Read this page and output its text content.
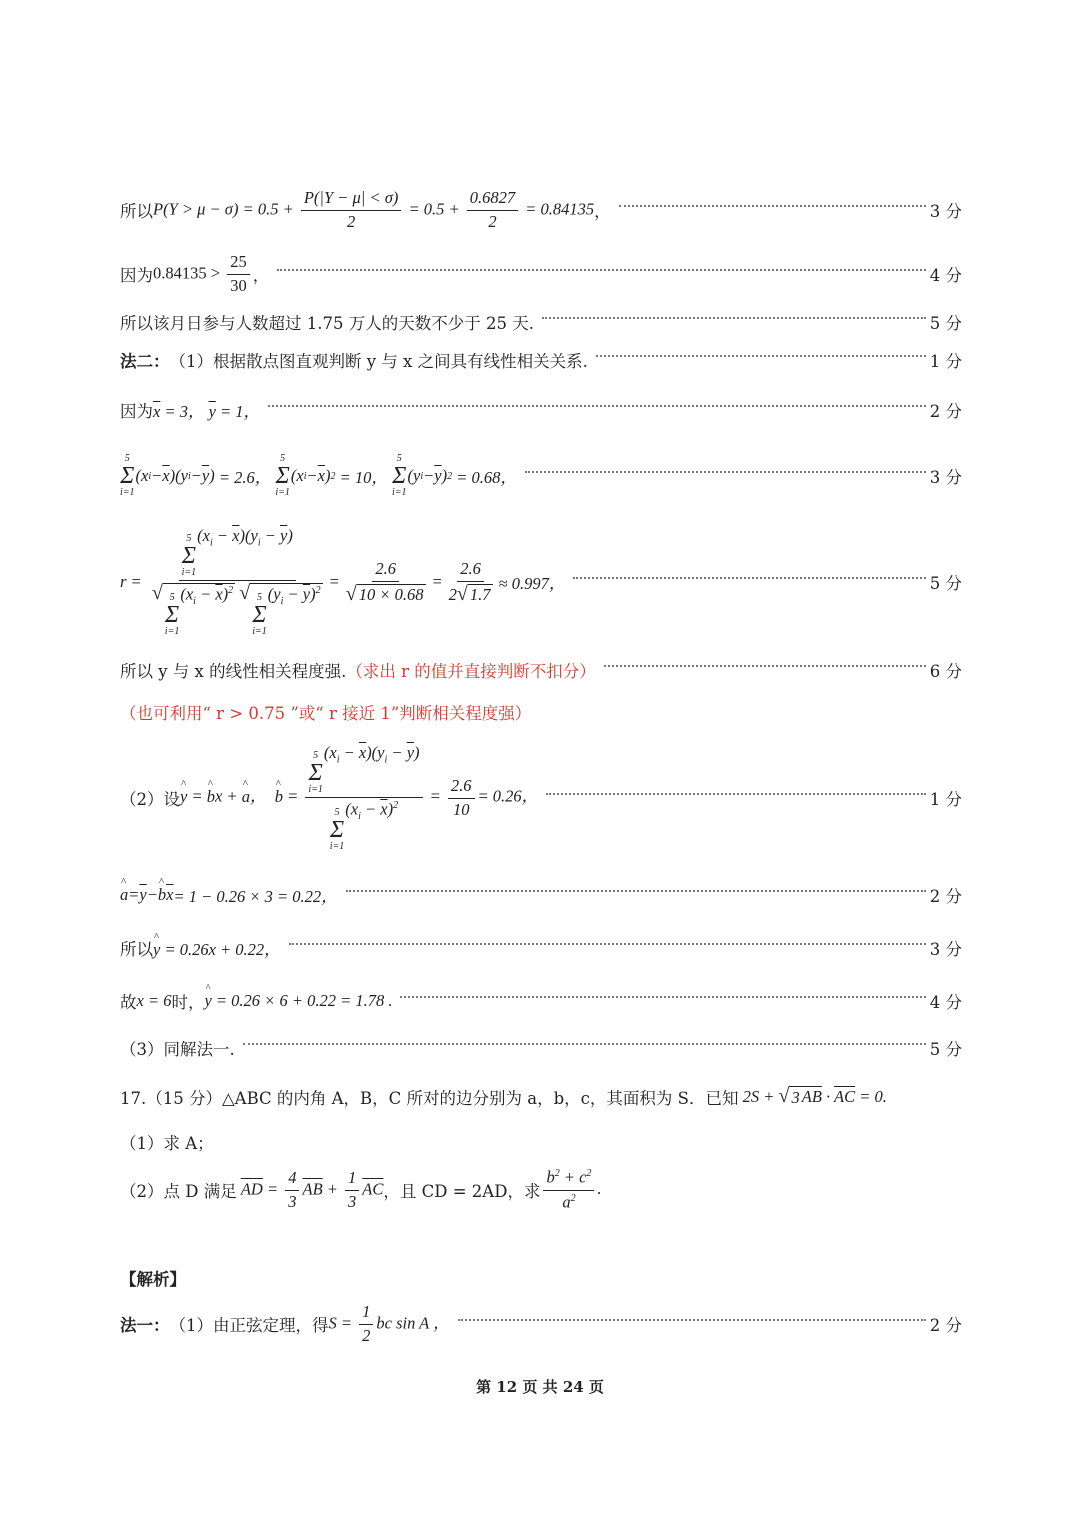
所以 $P(Y > \mu - \sigma) = 0.5 + \frac{P(|Y - \mu| < \sigma)}{2} = 0.5 + \frac{0.6827}{2} = 0.84135$ ，	3 分
因为 $0.84135 > \frac{25}{30}$ ，	4 分
所以该月日参与人数超过 1.75 万人的天数不少于 25 天.	5 分
法二： （1）根据散点图直观判断 y 与 x 之间具有线性相关关系.	1 分
因为 $\overline{x} = 3$， $\overline{y} = 1$，	2 分
5
Σ
i=1
(x $i - \overline{x}$ )(y $i - \overline{y}$ ) = 2.6，
5
Σ
i=1
(x $i - \overline{x}$ ) 2 = 10，
5
Σ
i=1
(y $i - \overline{y}$ ) 2 = 0.68，	3 分
r = 5
Σ
i=1
$(x_i - \overline{x})(y_i - \overline{y})$
√ 5
Σ
i=1
$(x_i - \overline{x})^2$
√ 5
Σ
i=1
$(y_i - \overline{y})^2 = \frac{2.6}{√ 10 \times 0.68} = \frac{2.6}{2 √ 1.7} \approx 0.997$，	5 分
所以 y 与 x 的线性相关程度强. （求出 r 的值并直接判断不扣分）	6 分
（也可利用“ r > 0.75 ”或“ r 接近 1”判断相关程度强）
（2）设 ^ y = ^ bx + ^ a，  ^ b = 5
Σ
i=1
$(x_i - \overline{x})(y_i - \overline{y})$
5
Σ
i=1
$(x_i - \overline{x})^2 = \frac{2.6}{10} = 0.26$，	1 分
^ $a = \overline{y}$ − ^ b $\overline{x} = 1 - 0.26 \times 3 = 0.22$，	2 分
所以 ^ y = 0.26x + 0.22，	3 分
故 x = 6 时， ^ y = 0.26 × 6 + 0.22 = 1.78 .	4 分
（3）同解法一.	5 分
17.（15 分）△ABC 的内角 A，B，C 所对的边分别为 a，b，c，其面积为 S．已知 2S + √ 3 $\overline{AB} \cdot \overline{AC} = 0$.
（1）求 A；
（2）点 D 满足 $\overline{AD} = \frac{4}{3} \overline{AB} + \frac{1}{3} \overline{AC}$ ，且 CD = 2AD，求 $\frac{b^2 + c^2}{a^2}$ .
【解析】
法一： （1）由正弦定理，得 $S = \frac{1}{2}$ bc sin A ，	2 分
第 12 页 共 24 页
